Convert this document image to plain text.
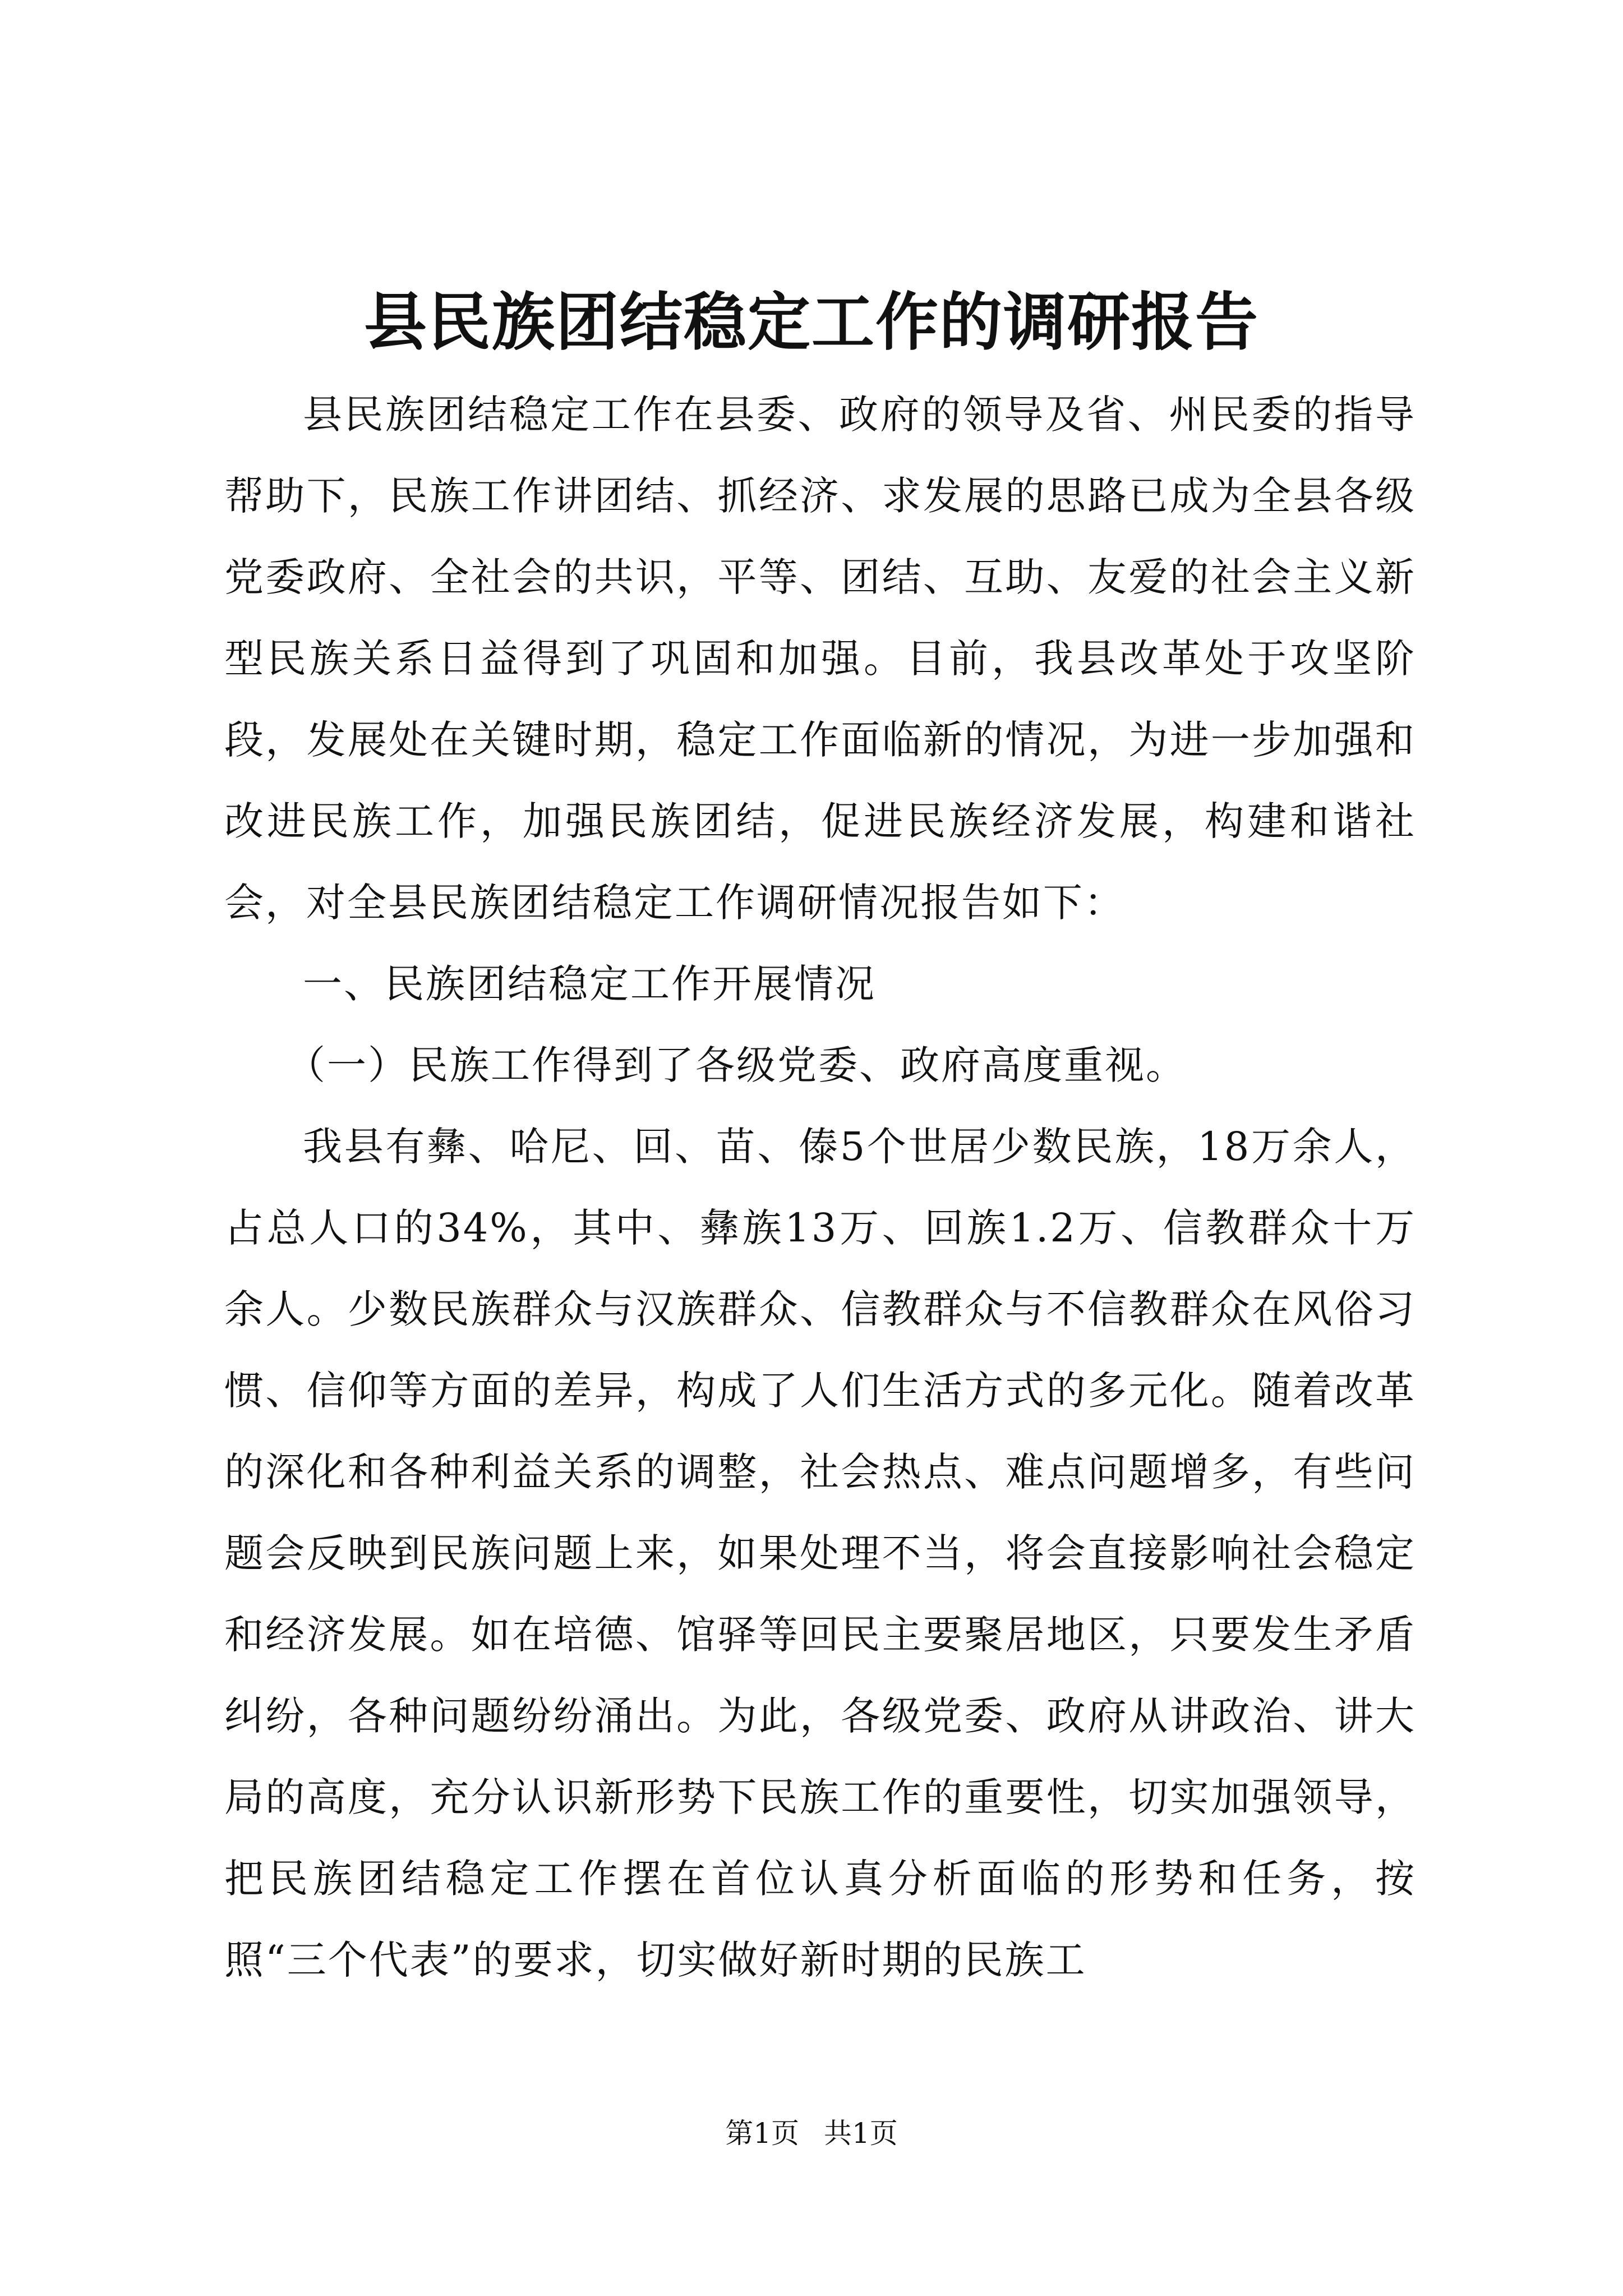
县民族团结稳定工作的调研报告

县民族团结稳定工作在县委、政府的领导及省、州民委的指导帮助下，民族工作讲团结、抓经济、求发展的思路已成为全县各级党委政府、全社会的共识，平等、团结、互助、友爱的社会主义新型民族关系日益得到了巩固和加强。目前，我县改革处于攻坚阶段，发展处在关键时期，稳定工作面临新的情况，为进一步加强和改进民族工作，加强民族团结，促进民族经济发展，构建和谐社会，对全县民族团结稳定工作调研情况报告如下：

一、民族团结稳定工作开展情况

（一）民族工作得到了各级党委、政府高度重视。

我县有彝、哈尼、回、苗、傣5个世居少数民族，18万余人，占总人口的34%，其中、彝族13万、回族1.2万、信教群众十万余人。少数民族群众与汉族群众、信教群众与不信教群众在风俗习惯、信仰等方面的差异，构成了人们生活方式的多元化。随着改革的深化和各种利益关系的调整，社会热点、难点问题增多，有些问题会反映到民族问题上来，如果处理不当，将会直接影响社会稳定和经济发展。如在培德、馆驿等回民主要聚居地区，只要发生矛盾纠纷，各种问题纷纷涌出。为此，各级党委、政府从讲政治、讲大局的高度，充分认识新形势下民族工作的重要性，切实加强领导，把民族团结稳定工作摆在首位认真分析面临的形势和任务，按照“三个代表”的要求，切实做好新时期的民族工

第1页 共1页
